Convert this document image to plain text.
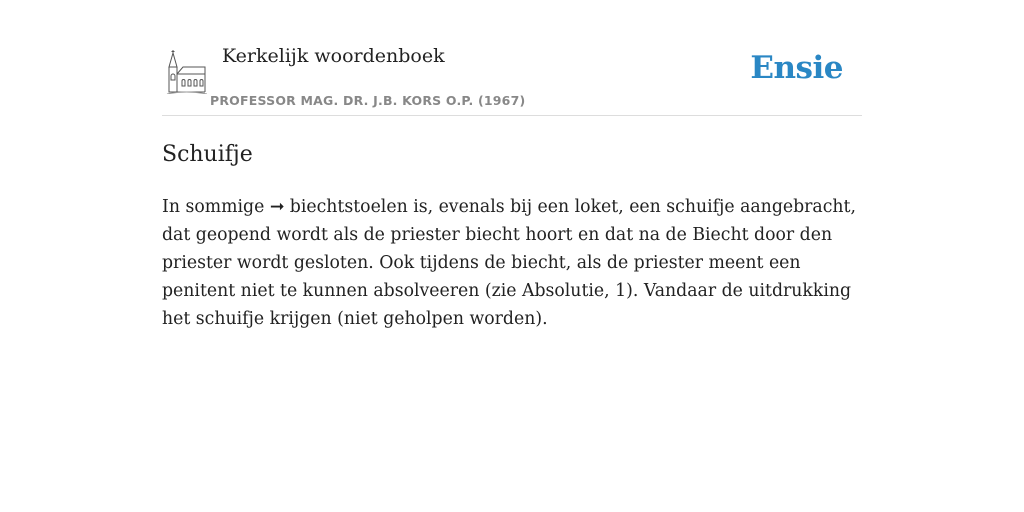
Kerkelijk woordenboek
PROFESSOR MAG. DR. J.B. KORS O.P. (1967)
Ensie
Schuifje

In sommige ➞ biechtstoelen is, evenals bij een loket, een schuifje aangebracht, dat geopend wordt als de priester biecht hoort en dat na de Biecht door den priester wordt gesloten. Ook tijdens de biecht, als de priester meent een penitent niet te kunnen absolveeren (zie Absolutie, 1). Vandaar de uitdrukking het schuifje krijgen (niet geholpen worden).
